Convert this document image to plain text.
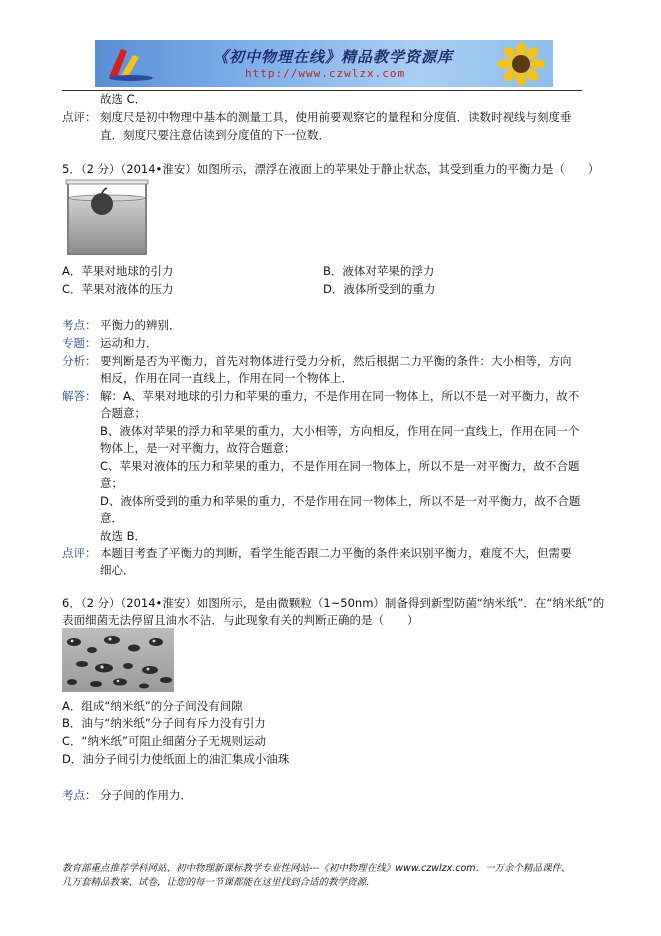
《初中物理在线》精品教学资源库
http://www.czwlzx.com
故选 C．
点评： 刻度尺是初中物理中基本的测量工具，使用前要观察它的量程和分度值．读数时视线与刻度垂
直．刻度尺要注意估读到分度值的下一位数．
5．（2 分）（2014•淮安）如图所示，漂浮在液面上的苹果处于静止状态，其受到重力的平衡力是（　　）
A．苹果对地球的引力	B．液体对苹果的浮力
C．苹果对液体的压力	D．液体所受到的重力
考点： 平衡力的辨别．
专题： 运动和力．
分析： 要判断是否为平衡力，首先对物体进行受力分析，然后根据二力平衡的条件：大小相等，方向
相反，作用在同一直线上，作用在同一个物体上．
解答： 解：A、苹果对地球的引力和苹果的重力，不是作用在同一物体上，所以不是一对平衡力，故不
合题意；
B、液体对苹果的浮力和苹果的重力，大小相等，方向相反，作用在同一直线上，作用在同一个
物体上，是一对平衡力，故符合题意；
C、苹果对液体的压力和苹果的重力，不是作用在同一物体上，所以不是一对平衡力，故不合题
意；
D、液体所受到的重力和苹果的重力，不是作用在同一物体上，所以不是一对平衡力，故不合题
意．
故选 B．
点评： 本题目考查了平衡力的判断，看学生能否跟二力平衡的条件来识别平衡力，难度不大，但需要
细心．
6．（2 分）（2014•淮安）如图所示，是由微颗粒（1~50nm）制备得到新型防菌“纳米纸”．在“纳米纸”的
表面细菌无法停留且油水不沾．与此现象有关的判断正确的是（　　）
A．组成“纳米纸”的分子间没有间隙
B．油与“纳米纸”分子间有斥力没有引力
C．“纳米纸”可阻止细菌分子无规则运动
D．油分子间引力使纸面上的油汇集成小油珠
考点： 分子间的作用力．
教育部重点推荐学科网站、初中物理新课标教学专业性网站---《初中物理在线》www.czwlzx.com．一万余个精品课件、
几万套精品教案、试卷，让您的每一节课都能在这里找到合适的教学资源．
